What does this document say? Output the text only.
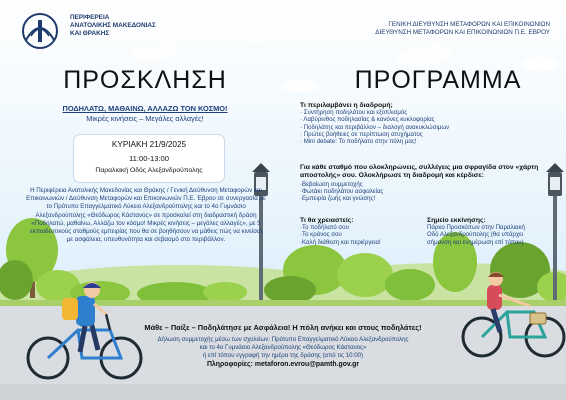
ΠΕΡΙΦΕΡΕΙΑ
ΑΝΑΤΟΛΙΚΗΣ ΜΑΚΕΔΟΝΙΑΣ
ΚΑΙ ΘΡΑΚΗΣ
ΓΕΝΙΚΗ ΔΙΕΥΘΥΝΣΗ ΜΕΤΑΦΟΡΩΝ ΚΑΙ ΕΠΙΚΟΙΝΩΝΙΩΝ
ΔΙΕΥΘΥΝΣΗ ΜΕΤΑΦΟΡΩΝ ΚΑΙ ΕΠΙΚΟΙΝΩΝΙΩΝ Π.Ε. ΕΒΡΟΥ
ΠΡΟΣΚΛΗΣΗ	ΠΡΟΓΡΑΜΜΑ
ΠΟΔΗΛΑΤΩ, ΜΑΘΑΙΝΩ, ΑΛΛΑΖΩ ΤΟΝ ΚΟΣΜΟ!
Μικρές κινήσεις – Μεγάλες αλλαγές!
ΚΥΡΙΑΚΗ 21/9/2025
11:00-13:00
Παραλιακή Οδός Αλεξανδρούπολης
Η Περιφέρεια Ανατολικής Μακεδονίας και Θράκης / Γενική Διεύθυνση Μεταφορών και Επικοινωνιών / Διεύθυνση Μεταφορών και Επικοινωνιών Π.Ε. Έβρου σε συνεργασία με το Πρότυπο Επαγγελματικό Λύκειο Αλεξανδρούπολης και το 4ο Γυμνάσιο Αλεξανδρούπολης «Θεόδωρος Κάστανος» σε προσκαλεί στη διαδραστική δράση «Ποδηλατώ, μαθαίνω, Αλλάζω τον κόσμο! Μικρές κινήσεις – μεγάλες αλλαγές», με 5 εκπαιδευτικούς σταθμούς εμπειρίας που θα σε βοηθήσουν να μάθεις πώς να κινείσαι με ασφάλεια, υπευθυνότητα και σεβασμό στο περιβάλλον.
Τι περιλαμβάνει η διαδρομή;
· Συντήρηση ποδηλάτου και εξοπλισμός
· Λαβύρινθος ποδηλασίας & κανόνες κυκλοφορίας
· Ποδηλάτης και περιβάλλον – διαλογή ανακυκλώσιμων
· Πρώτες βοήθειες σε περίπτωση ατυχήματος
· Mini debate: Το ποδήλατο στην πόλη μας!
Για κάθε σταθμό που ολοκληρώνεις, συλλέγεις μια σφραγίδα στον «χάρτη αποστολής» σου. Ολοκλήρωσε τη διαδρομή και κέρδισε:
·Βεβαίωση συμμετοχής
·Φωτάκι ποδηλάτου ασφαλείας
·Εμπειρία ζωής και γνώσης!
Τι θα χρειαστείς:
·Το ποδήλατό σου
·Το κράνος σου
·Καλή διάθεση και περιέργεια!
Σημείο εκκίνησης:
Πάρκο Προσκόπων στην Παραλιακή
Οδό Αλεξανδρούπολης (θα υπάρχει
σήμανση και ενημέρωση επί τόπου)
Μάθε – Παίξε – Ποδηλάτησε με Ασφάλεια! Η πόλη ανήκει και στους ποδηλάτες!
Δήλωση συμμετοχής μέσω των σχολείων: Πρότυπο Επαγγελματικό Λύκειο Αλεξανδρούπολης
και το 4ο Γυμνάσιο Αλεξανδρούπολης «Θεόδωρος Κάστανος»
ή επί τόπου εγγραφή την ημέρα της δράσης (από τις 10:00)
Πληροφορίες: metaforon.evrou@pamth.gov.gr
